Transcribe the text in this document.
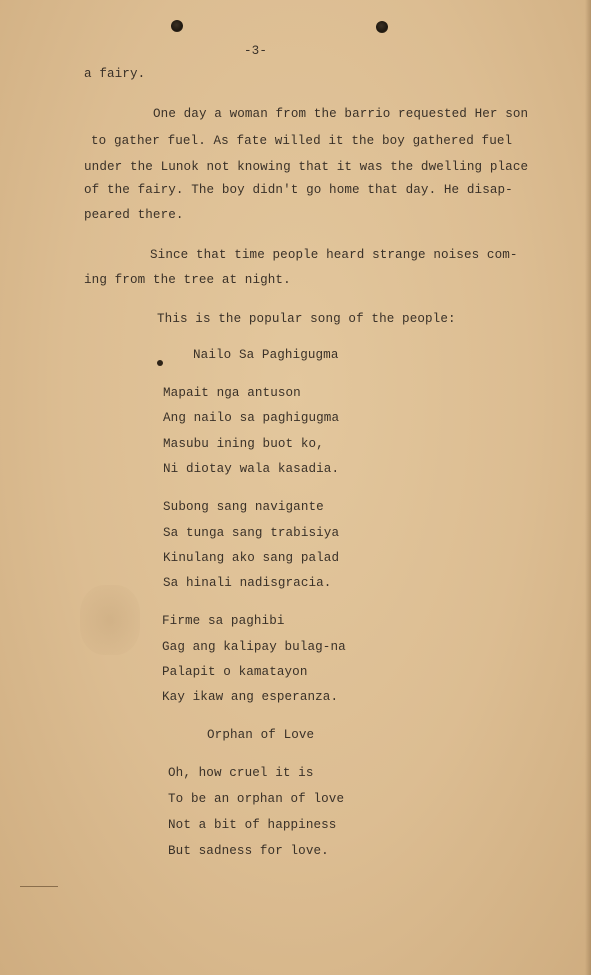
-3-

a fairy.

One day a woman from the barrio requested Her son

to gather fuel. As fate willed it the boy gathered fuel

under the Lunok not knowing that it was the dwelling place

of the fairy. The boy didn't go home that day. He disap-

peared there.

Since that time people heard strange noises com-

ing from the tree at night.

This is the popular song of the people:

Nailo Sa Paghigugma

Mapait nga antuson

Ang nailo sa paghigugma

Masubu ining buot ko,

Ni diotay wala kasadia.

Subong sang navigante

Sa tunga sang trabisiya

Kinulang ako sang palad

Sa hinali nadisgracia.

Firme sa paghibi

Gag ang kalipay bulag-na

Palapit o kamatayon

Kay ikaw ang esperanza.

Orphan of Love

Oh, how cruel it is

To be an orphan of love

Not a bit of happiness

But sadness for love.
